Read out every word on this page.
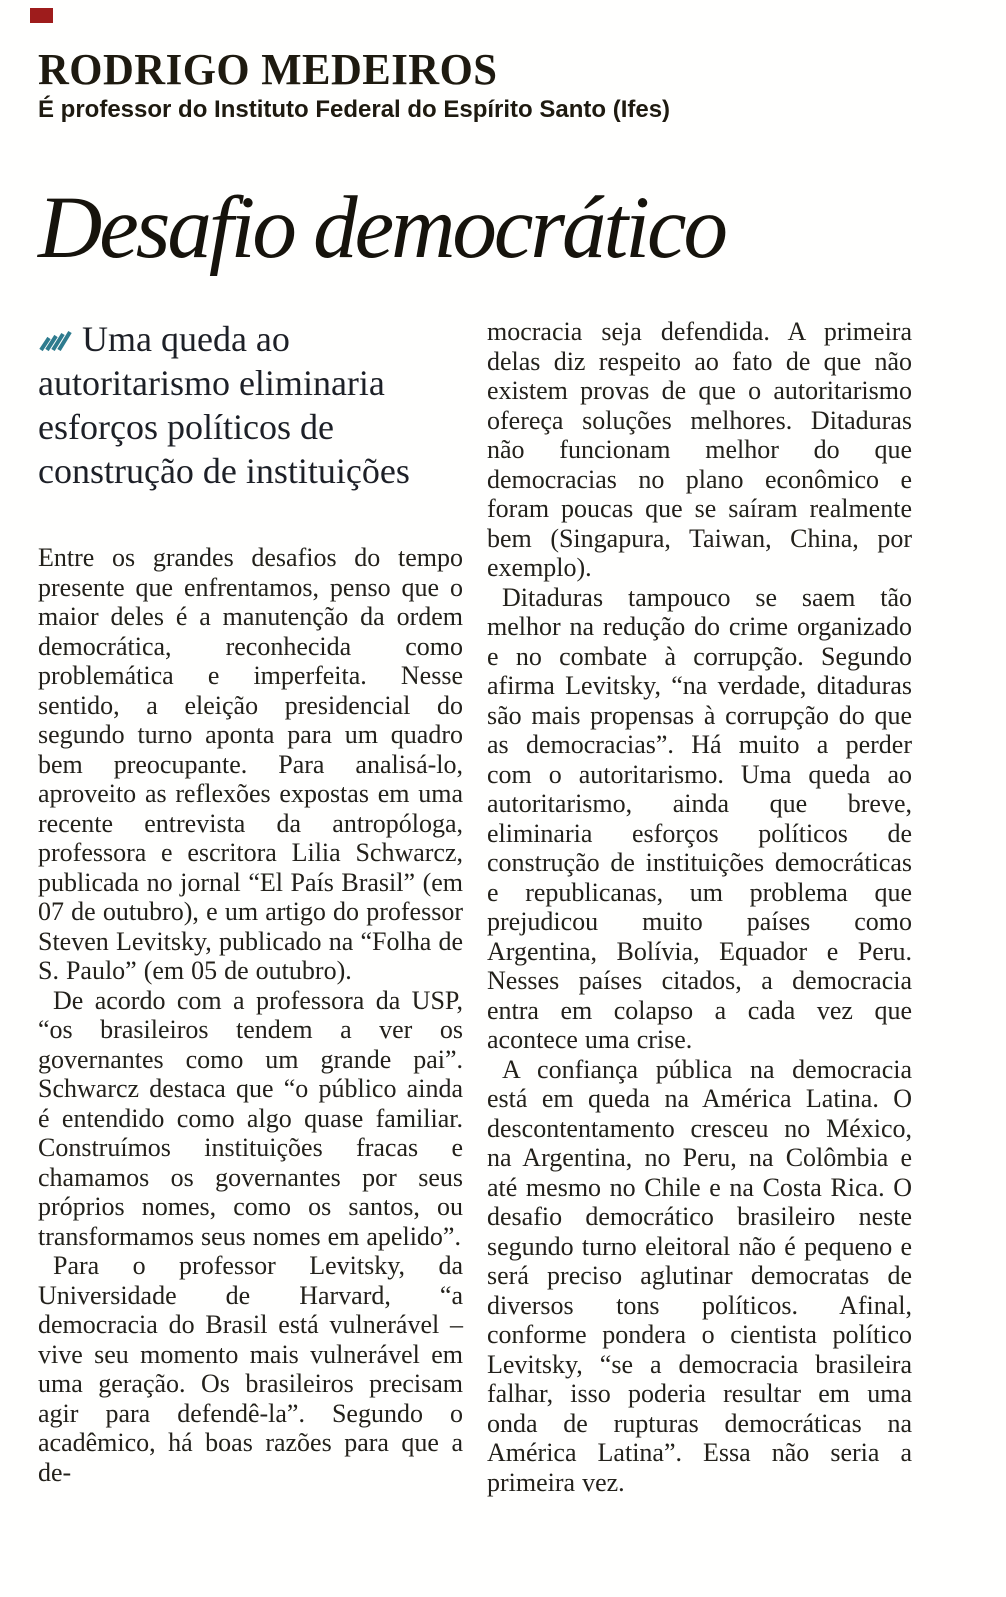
RODRIGO MEDEIROS
É professor do Instituto Federal do Espírito Santo (Ifes)
Desafio democrático
Uma queda ao autoritarismo eliminaria esforços políticos de construção de instituições

Entre os grandes desafios do tempo presente que enfrentamos, penso que o maior deles é a manutenção da ordem democrática, reconhecida como problemática e imperfeita. Nesse sentido, a eleição presidencial do segundo turno aponta para um quadro bem preocupante. Para analisá-lo, aproveito as reflexões expostas em uma recente entrevista da antropóloga, professora e escritora Lilia Schwarcz, publicada no jornal “El País Brasil” (em 07 de outubro), e um artigo do professor Steven Levitsky, publicado na “Folha de S. Paulo” (em 05 de outubro).

De acordo com a professora da USP, “os brasileiros tendem a ver os governantes como um grande pai”. Schwarcz destaca que “o público ainda é entendido como algo quase familiar. Construímos instituições fracas e chamamos os governantes por seus próprios nomes, como os santos, ou transformamos seus nomes em apelido”.

Para o professor Levitsky, da Universidade de Harvard, “a democracia do Brasil está vulnerável – vive seu momento mais vulnerável em uma geração. Os brasileiros precisam agir para defendê-la”. Segundo o acadêmico, há boas razões para que a de-

mocracia seja defendida. A primeira delas diz respeito ao fato de que não existem provas de que o autoritarismo ofereça soluções melhores. Ditaduras não funcionam melhor do que democracias no plano econômico e foram poucas que se saíram realmente bem (Singapura, Taiwan, China, por exemplo).

Ditaduras tampouco se saem tão melhor na redução do crime organizado e no combate à corrupção. Segundo afirma Levitsky, “na verdade, ditaduras são mais propensas à corrupção do que as democracias”. Há muito a perder com o autoritarismo. Uma queda ao autoritarismo, ainda que breve, eliminaria esforços políticos de construção de instituições democráticas e republicanas, um problema que prejudicou muito países como Argentina, Bolívia, Equador e Peru. Nesses países citados, a democracia entra em colapso a cada vez que acontece uma crise.

A confiança pública na democracia está em queda na América Latina. O descontentamento cresceu no México, na Argentina, no Peru, na Colômbia e até mesmo no Chile e na Costa Rica. O desafio democrático brasileiro neste segundo turno eleitoral não é pequeno e será preciso aglutinar democratas de diversos tons políticos. Afinal, conforme pondera o cientista político Levitsky, “se a democracia brasileira falhar, isso poderia resultar em uma onda de rupturas democráticas na América Latina”. Essa não seria a primeira vez.
